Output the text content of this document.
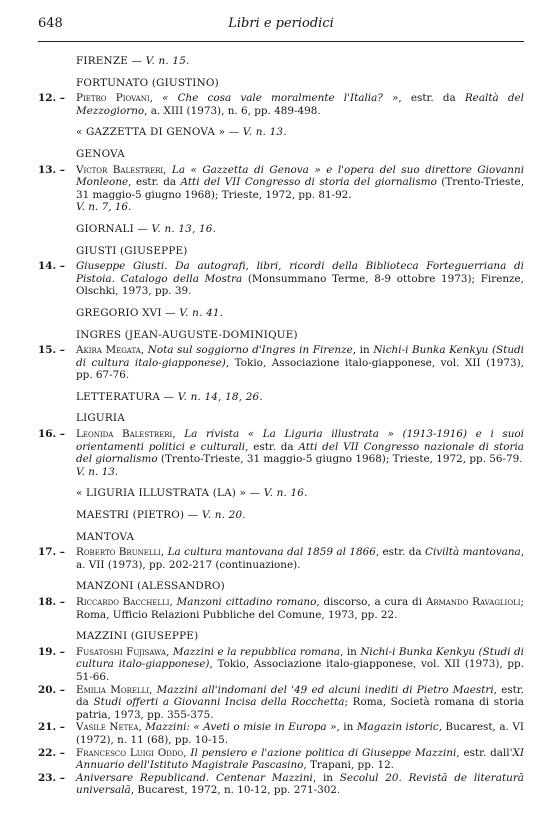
648	Libri e periodici
FIRENZE — V. n. 15.
FORTUNATO (GIUSTINO)
12. – Pietro Piovani, « Che cosa vale moralmente l'Italia? », estr. da Realtà del Mezzogiorno, a. XIII (1973), n. 6, pp. 489-498.
« GAZZETTA DI GENOVA » — V. n. 13.
GENOVA
13. – Victor Balestreri, La « Gazzetta di Genova » e l'opera del suo direttore Giovanni Monleone, estr. da Atti del VII Congresso di storia del giornalismo (Trento-Trieste, 31 maggio-5 giugno 1968); Trieste, 1972, pp. 81-92.
V. n. 7, 16.
GIORNALI — V. n. 13, 16.
GIUSTI (GIUSEPPE)
14. – Giuseppe Giusti. Da autografi, libri, ricordi della Biblioteca Forteguerriana di Pistoia. Catalogo della Mostra (Monsummano Terme, 8-9 ottobre 1973); Firenze, Olschki, 1973, pp. 39.
GREGORIO XVI — V. n. 41.
INGRES (JEAN-AUGUSTE-DOMINIQUE)
15. – Akira Megata, Nota sul soggiorno d'Ingres in Firenze, in Nichi-i Bunka Kenkyu (Studi di cultura italo-giapponese), Tokio, Associazione italo-giapponese, vol. XII (1973), pp. 67-76.
LETTERATURA — V. n. 14, 18, 26.
LIGURIA
16. – Leonida Balestreri, La rivista « La Liguria illustrata » (1913-1916) e i suoi orientamenti politici e culturali, estr. da Atti del VII Congresso nazionale di storia del giornalismo (Trento-Trieste, 31 maggio-5 giugno 1968); Trieste, 1972, pp. 56-79.
V. n. 13.
« LIGURIA ILLUSTRATA (LA) » — V. n. 16.
MAESTRI (PIETRO) — V. n. 20.
MANTOVA
17. – Roberto Brunelli, La cultura mantovana dal 1859 al 1866, estr. da Civiltà mantovana, a. VII (1973), pp. 202-217 (continuazione).
MANZONI (ALESSANDRO)
18. – Riccardo Bacchelli, Manzoni cittadino romano, discorso, a cura di Armando Ravaglioli; Roma, Ufficio Relazioni Pubbliche del Comune, 1973, pp. 22.
MAZZINI (GIUSEPPE)
19. – Fusatoshi Fujisawa, Mazzini e la repubblica romana, in Nichi-i Bunka Kenkyu (Studi di cultura italo-giapponese), Tokio, Associazione italo-giapponese, vol. XII (1973), pp. 51-66.
20. – Emilia Morelli, Mazzini all'indomani del '49 ed alcuni inediti di Pietro Maestri, estr. da Studi offerti a Giovanni Incisa della Rocchetta; Roma, Società romana di storia patria, 1973, pp. 355-375.
21. – Vasile Netea, Mazzini: « Aveti o misie in Europa », in Magazin istoric, Bucarest, a. VI (1972), n. 11 (68), pp. 10-15.
22. – Francesco Luigi Oddo, Il pensiero e l'azione politica di Giuseppe Mazzini, estr. dall'XI Annuario dell'Istituto Magistrale Pascasino, Trapani, pp. 12.
23. – Aniversare Republicand. Centenar Mazzini, in Secolul 20. Revistă de literatură universală, Bucarest, 1972, n. 10-12, pp. 271-302.
